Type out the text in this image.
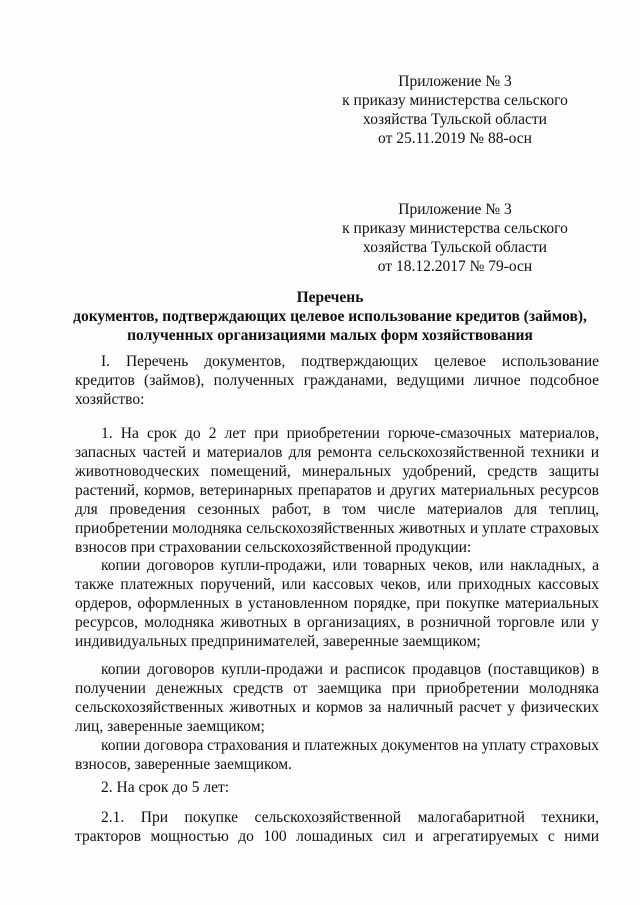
Приложение № 3
к приказу министерства сельского
хозяйства Тульской области
от 25.11.2019 № 88-осн
Приложение № 3
к приказу министерства сельского
хозяйства Тульской области
от 18.12.2017 № 79-осн
Перечень
документов, подтверждающих целевое использование кредитов (займов),
полученных организациями малых форм хозяйствования
I. Перечень документов, подтверждающих целевое использование
кредитов (займов), полученных гражданами, ведущими личное подсобное
хозяйство:
1. На срок до 2 лет при приобретении горюче-смазочных материалов,
запасных частей и материалов для ремонта сельскохозяйственной техники и
животноводческих помещений, минеральных удобрений, средств защиты
растений, кормов, ветеринарных препаратов и других материальных ресурсов
для проведения сезонных работ, в том числе материалов для теплиц,
приобретении молодняка сельскохозяйственных животных и уплате страховых
взносов при страховании сельскохозяйственной продукции:
копии договоров купли-продажи, или товарных чеков, или накладных, а
также платежных поручений, или кассовых чеков, или приходных кассовых
ордеров, оформленных в установленном порядке, при покупке материальных
ресурсов, молодняка животных в организациях, в розничной торговле или у
индивидуальных предпринимателей, заверенные заемщиком;
копии договоров купли-продажи и расписок продавцов (поставщиков) в
получении денежных средств от заемщика при приобретении молодняка
сельскохозяйственных животных и кормов за наличный расчет у физических
лиц, заверенные заемщиком;
копии договора страхования и платежных документов на уплату страховых
взносов, заверенные заемщиком.
2. На срок до 5 лет:
2.1. При покупке сельскохозяйственной малогабаритной техники,
тракторов мощностью до 100 лошадиных сил и агрегатируемых с ними
